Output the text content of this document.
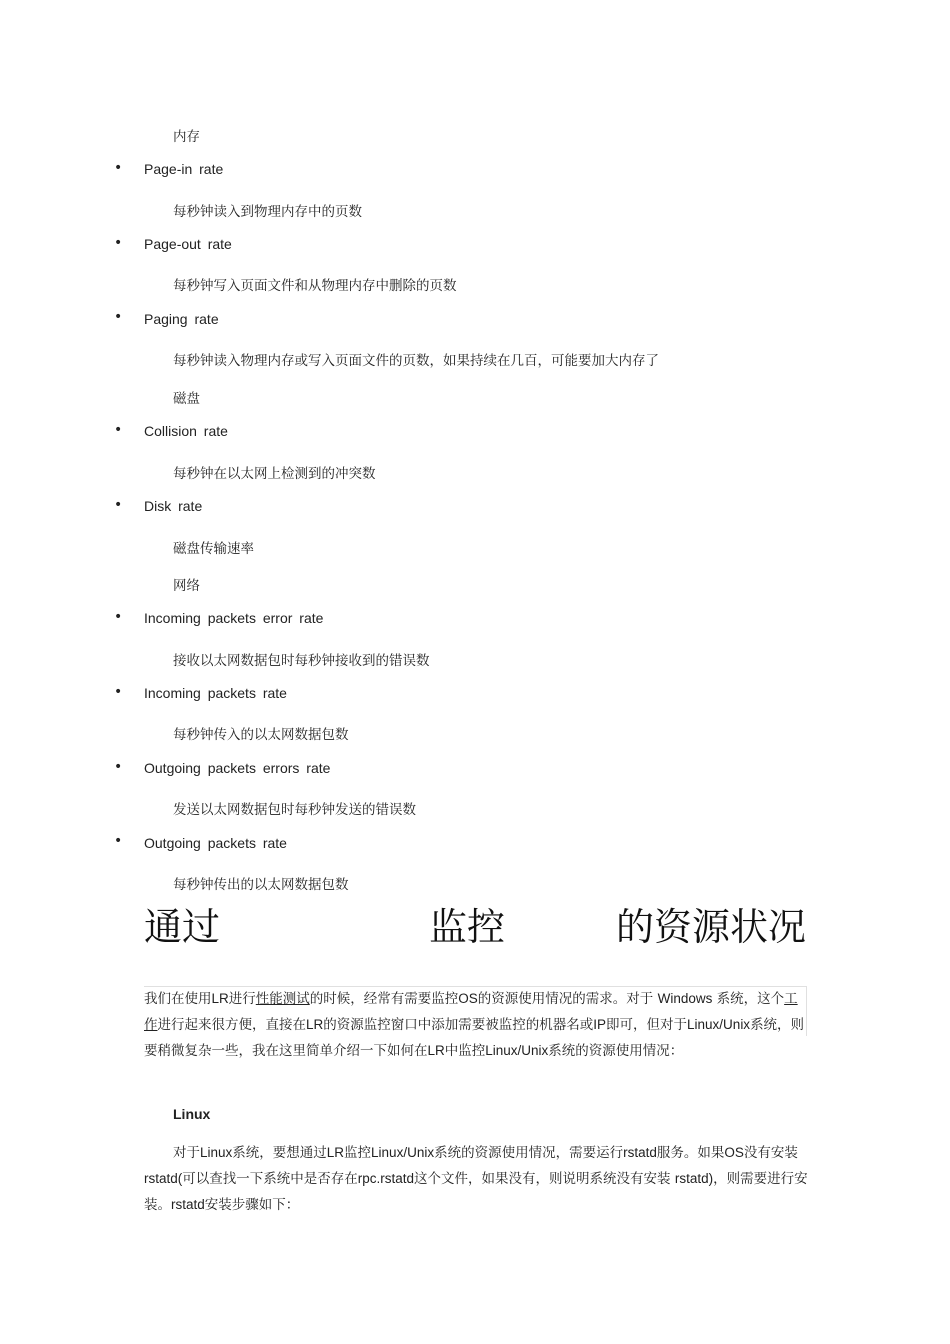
内存
• Page-in rate
每秒钟读入到物理内存中的页数
• Page-out rate
每秒钟写入页面文件和从物理内存中删除的页数
• Paging rate
每秒钟读入物理内存或写入页面文件的页数，如果持续在几百，可能要加大内存了
磁盘
• Collision rate
每秒钟在以太网上检测到的冲突数
• Disk rate
磁盘传输速率
网络
• Incoming packets error rate
接收以太网数据包时每秒钟接收到的错误数
• Incoming packets rate
每秒钟传入的以太网数据包数
• Outgoing packets errors rate
发送以太网数据包时每秒钟发送的错误数
• Outgoing packets rate
每秒钟传出的以太网数据包数
通过	监控	的资源状况
我们在使用LR进行性能测试的时候，经常有需要监控OS的资源使用情况的需求。对于 Windows 系统，这个工作进行起来很方便，直接在LR的资源监控窗口中添加需要被监控的机器名或IP即可，但对于Linux/Unix系统，则要稍微复杂一些，我在这里简单介绍一下如何在LR中监控Linux/Unix系统的资源使用情况：
Linux
对于Linux系统，要想通过LR监控Linux/Unix系统的资源使用情况，需要运行rstatd服务。如果OS没有安装rstatd(可以查找一下系统中是否存在rpc.rstatd这个文件，如果没有，则说明系统没有安装 rstatd)，则需要进行安装。rstatd安装步骤如下：
